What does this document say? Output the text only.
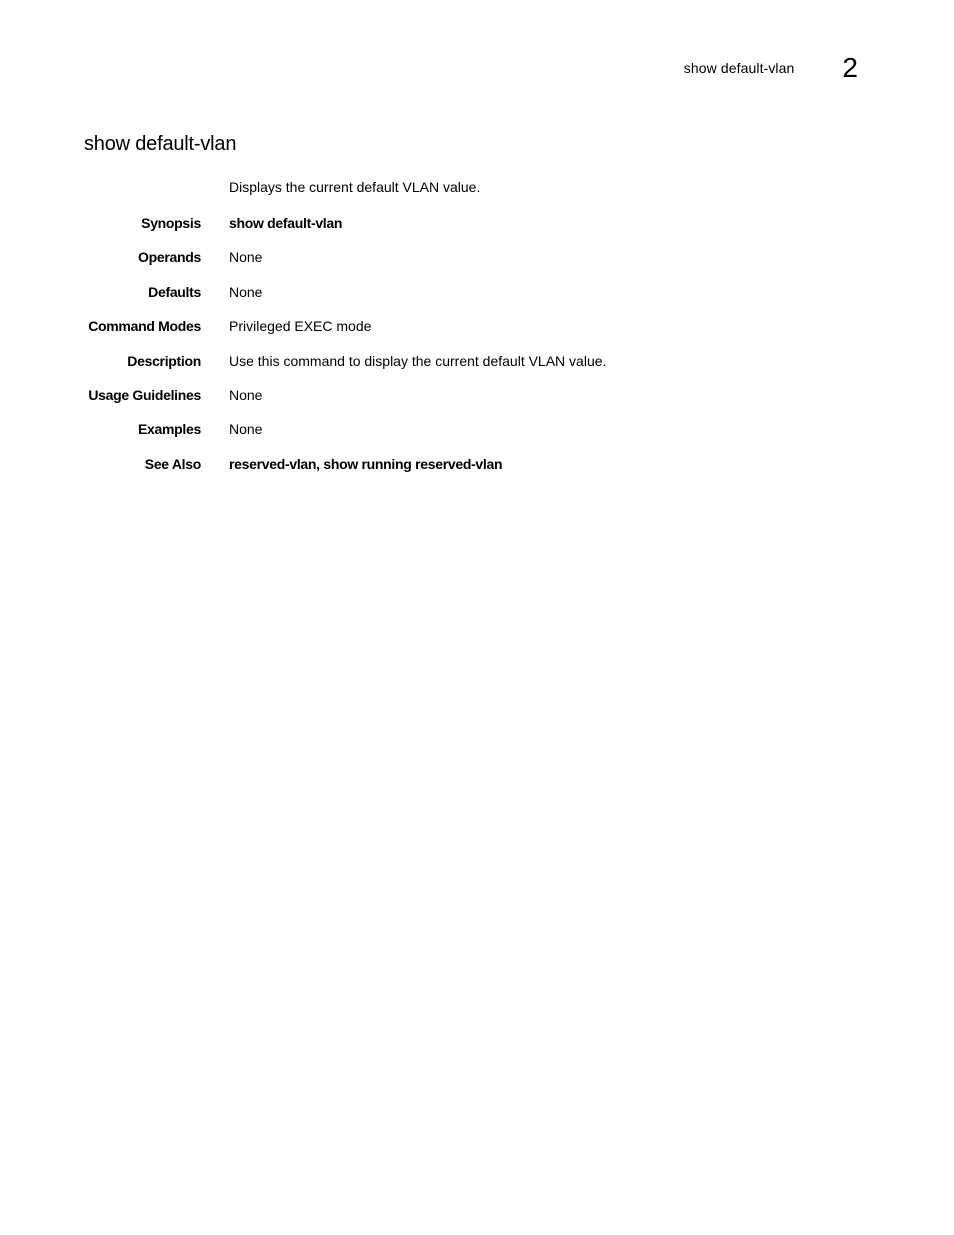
show default-vlan 2
show default-vlan
Displays the current default VLAN value.
Synopsis show default-vlan
Operands None
Defaults None
Command Modes Privileged EXEC mode
Description Use this command to display the current default VLAN value.
Usage Guidelines None
Examples None
See Also reserved-vlan, show running reserved-vlan
